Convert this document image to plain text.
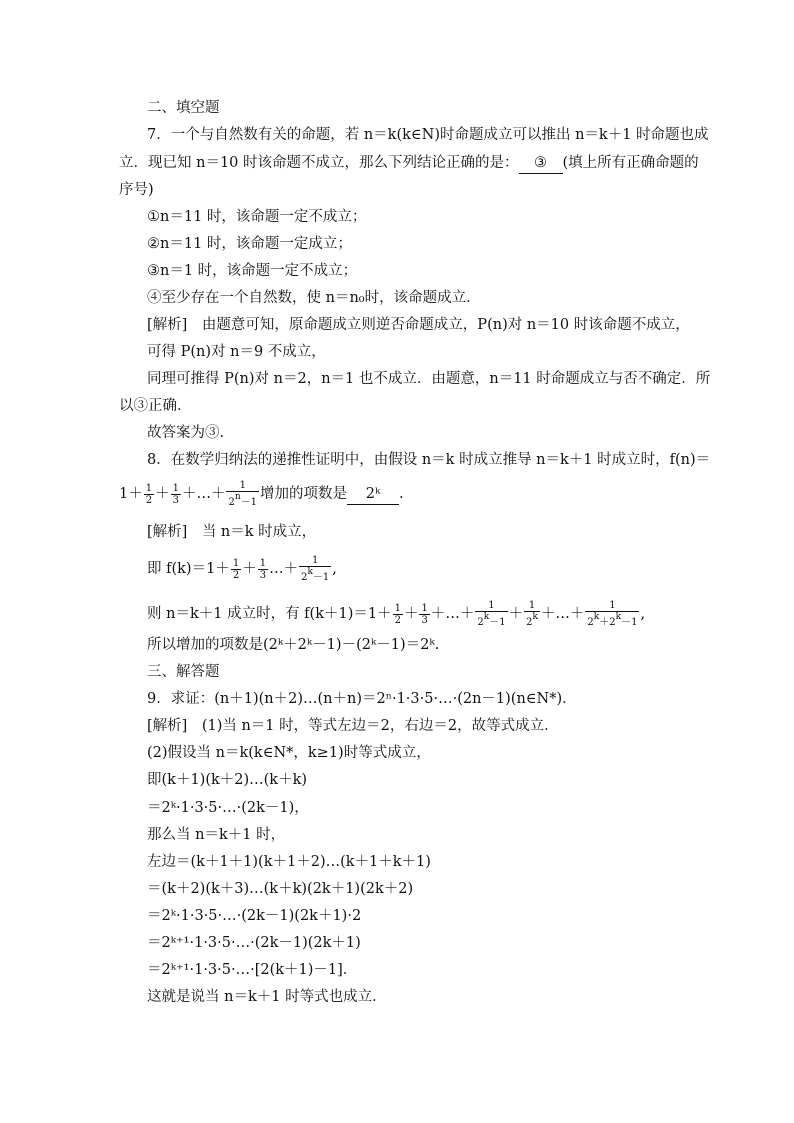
二、填空题
7．一个与自然数有关的命题，若 n＝k(k∈N)时命题成立可以推出 n＝k＋1 时命题也成
立．现已知 n＝10 时该命题不成立，那么下列结论正确的是： ③ (填上所有正确命题的
序号)
①n＝11 时，该命题一定不成立；
②n＝11 时，该命题一定成立；
③n＝1 时，该命题一定不成立；
④至少存在一个自然数，使 n＝n₀时，该命题成立．
[解析]　由题意可知，原命题成立则逆否命题成立，P(n)对 n＝10 时该命题不成立，
可得 P(n)对 n＝9 不成立，
同理可推得 P(n)对 n＝2，n＝1 也不成立．由题意，n＝11 时命题成立与否不确定．所
以③正确．
故答案为③.
8．在数学归纳法的递推性证明中，由假设 n＝k 时成立推导 n＝k＋1 时成立时，f(n)＝
$1+ \frac{1}{2} + \frac{1}{3}$ ＋…＋ $\frac{1}{2^n-1}$ 增加的项数是 2ᵏ .
[解析]　当 n＝k 时成立，
即 $f(k)=1+ \frac{1}{2} + \frac{1}{3}$ …＋ $\frac{1}{2^k-1}$ ,
则 n＝k＋1 成立时，有 $f(k+1)=1+ \frac{1}{2} + \frac{1}{3}$ ＋…＋ $\frac{1}{2^k-1} + \frac{1}{2^k}$ ＋…＋ $\frac{1}{2^k+2^k-1}$ ,
所以增加的项数是(2ᵏ＋2ᵏ－1)－(2ᵏ－1)＝2ᵏ.
三、解答题
9．求证：(n＋1)(n＋2)…(n＋n)＝2ⁿ·1·3·5·…·(2n－1)(n∈N*)．
[解析]　(1)当 n＝1 时，等式左边＝2，右边＝2，故等式成立．
(2)假设当 n＝k(k∈N*，k≥1)时等式成立，
即(k＋1)(k＋2)…(k＋k)
＝2ᵏ·1·3·5·…·(2k－1)，
那么当 n＝k＋1 时，
左边＝(k＋1＋1)(k＋1＋2)…(k＋1＋k＋1)
＝(k＋2)(k＋3)…(k＋k)(2k＋1)(2k＋2)
＝2ᵏ·1·3·5·…·(2k－1)(2k＋1)·2
＝2ᵏ⁺¹·1·3·5·…·(2k－1)(2k＋1)
＝2ᵏ⁺¹·1·3·5·…·[2(k＋1)－1]．
这就是说当 n＝k＋1 时等式也成立．
